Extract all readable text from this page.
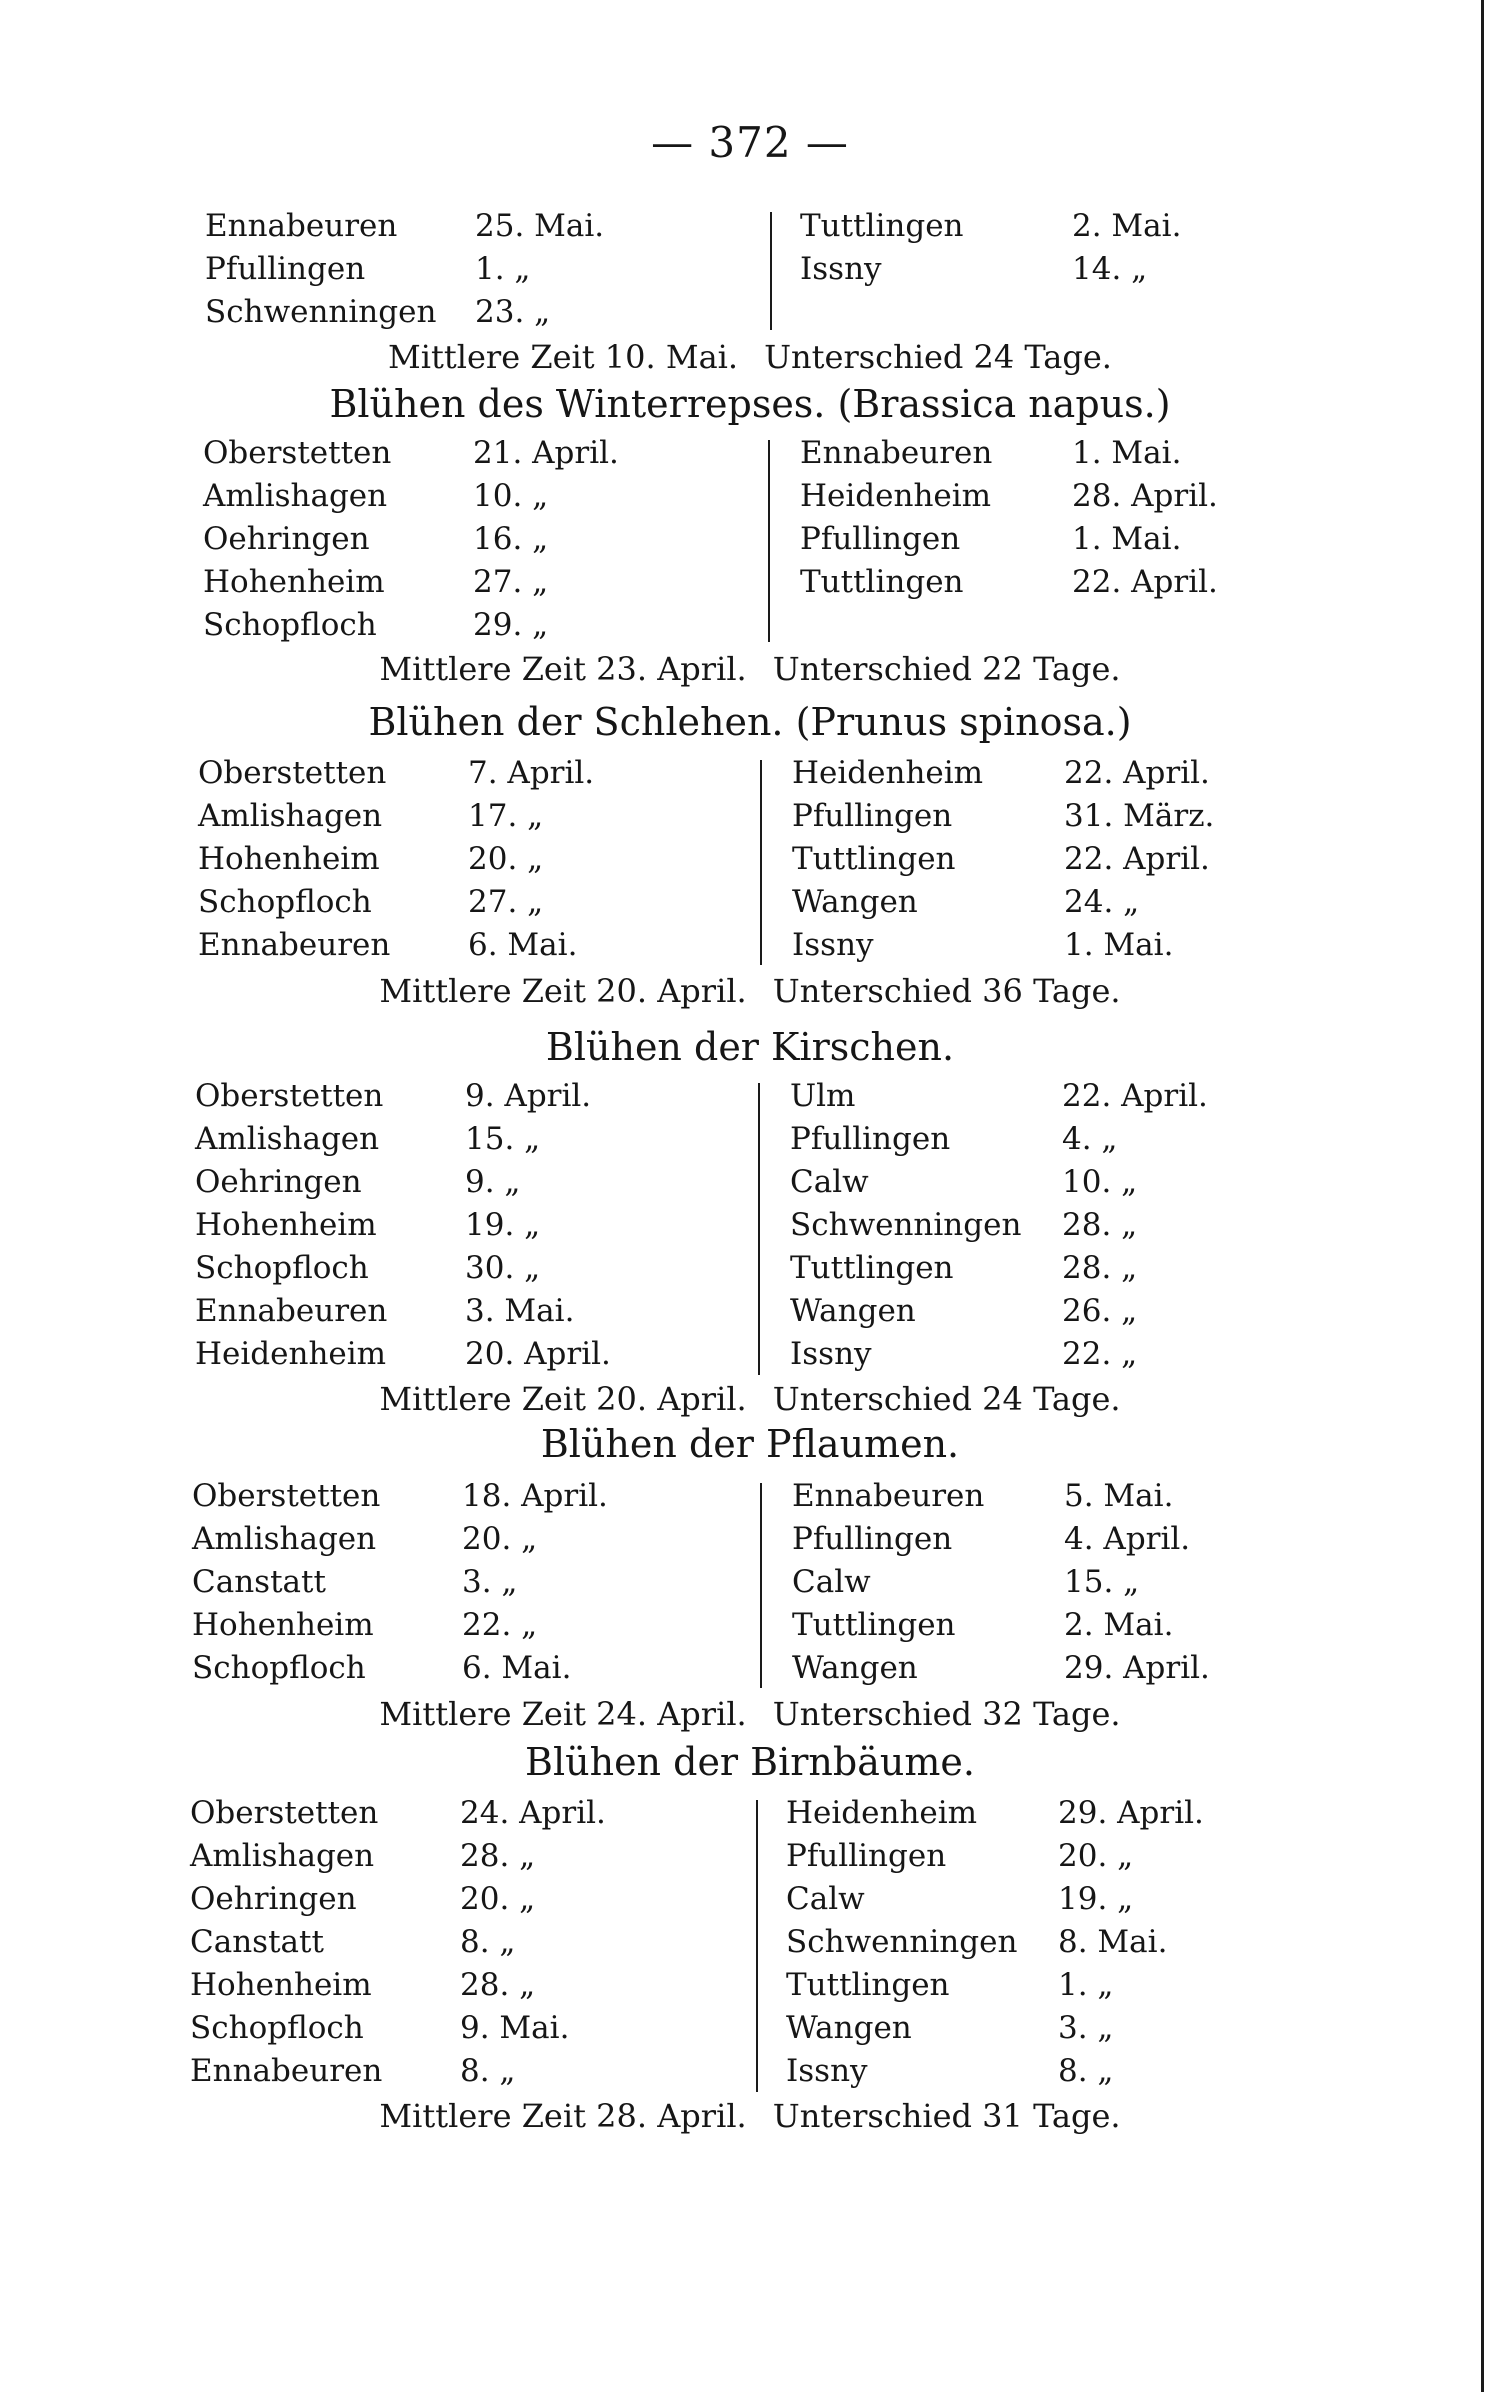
— 372 —
Ennabeuren	25. Mai.
Pfullingen	1. „
Schwenningen 23. „
Tuttlingen	2. Mai.
Issny	14. „
Mittlere Zeit 10. Mai. Unterschied 24 Tage.
Blühen des Winterrepses. (Brassica napus.)
Oberstetten	21. April.
Amlishagen	10. „
Oehringen	16. „
Hohenheim	27. „
Schopfloch	29. „
Ennabeuren	1. Mai.
Heidenheim	28. April.
Pfullingen	1. Mai.
Tuttlingen	22. April.
Mittlere Zeit 23. April. Unterschied 22 Tage.
Blühen der Schlehen. (Prunus spinosa.)
Oberstetten	7. April.
Amlishagen	17. „
Hohenheim	20. „
Schopfloch	27. „
Ennabeuren	6. Mai.
Heidenheim	22. April.
Pfullingen	31. März.
Tuttlingen	22. April.
Wangen	24. „
Issny	1. Mai.
Mittlere Zeit 20. April. Unterschied 36 Tage.
Blühen der Kirschen.
Oberstetten	9. April.
Amlishagen	15. „
Oehringen	9. „
Hohenheim	19. „
Schopfloch	30. „
Ennabeuren	3. Mai.
Heidenheim	20. April.
Ulm	22. April.
Pfullingen	4. „
Calw	10. „
Schwenningen 28. „
Tuttlingen	28. „
Wangen	26. „
Issny	22. „
Mittlere Zeit 20. April. Unterschied 24 Tage.
Blühen der Pflaumen.
Oberstetten	18. April.
Amlishagen	20. „
Canstatt	3. „
Hohenheim	22. „
Schopfloch	6. Mai.
Ennabeuren	5. Mai.
Pfullingen	4. April.
Calw	15. „
Tuttlingen	2. Mai.
Wangen	29. April.
Mittlere Zeit 24. April. Unterschied 32 Tage.
Blühen der Birnbäume.
Oberstetten	24. April.
Amlishagen	28. „
Oehringen	20. „
Canstatt	8. „
Hohenheim	28. „
Schopfloch	9. Mai.
Ennabeuren	8. „
Heidenheim	29. April.
Pfullingen	20. „
Calw	19. „
Schwenningen 8. Mai.
Tuttlingen	1. „
Wangen	3. „
Issny	8. „
Mittlere Zeit 28. April. Unterschied 31 Tage.
